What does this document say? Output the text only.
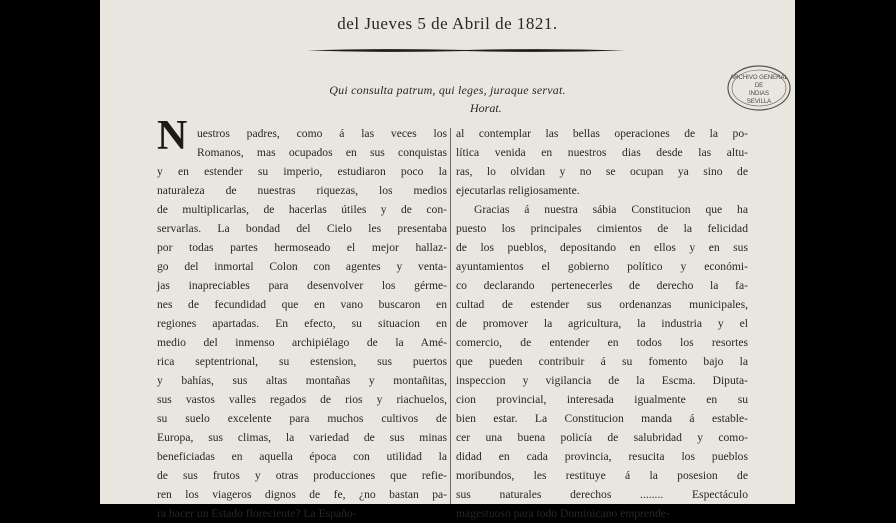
del Jueves 5 de Abril de 1821.
Qui consulta patrum, qui leges, juraque servat.
Horat.
ARCHIVO GENERAL
DE
INDIAS
SEVILLA
N uestros padres, como á las veces los
Romanos, mas ocupados en sus conquistas
y en estender su imperio, estudiaron poco la
naturaleza de nuestras riquezas, los medios
de multiplicarlas, de hacerlas útiles y de con-
servarlas. La bondad del Cielo les presentaba
por todas partes hermoseado el mejor hallaz-
go del inmortal Colon con agentes y venta-
jas inapreciables para desenvolver los gérme-
nes de fecundidad que en vano buscaron en
regiones apartadas. En efecto, su situacion en
medio del inmenso archipiélago de la Amé-
rica septentrional, su estension, sus puertos
y bahías, sus altas montañas y montañitas,
sus vastos valles regados de rios y riachuelos,
su suelo excelente para muchos cultivos de
Europa, sus climas, la variedad de sus minas
beneficiadas en aquella época con utilidad la
de sus frutos y otras producciones que refie-
ren los viageros dignos de fe, ¿no bastan pa-
ra hacer un Estado floreciente? La Españo-
al contemplar las bellas operaciones de la po-
lítica venida en nuestros dias desde las altu-
ras, lo olvidan y no se ocupan ya sino de
ejecutarlas religiosamente.
Gracias á nuestra sábia Constitucion que ha
puesto los principales cimientos de la felicidad
de los pueblos, depositando en ellos y en sus
ayuntamientos el gobierno político y económi-
co declarando pertenecerles de derecho la fa-
cultad de estender sus ordenanzas municipales,
de promover la agricultura, la industria y el
comercio, de entender en todos los resortes
que pueden contribuir á su fomento bajo la
inspeccion y vigilancia de la Escma. Diputa-
cion provincial, interesada igualmente en su
bien estar. La Constitucion manda á estable-
cer una buena policía de salubridad y como-
didad en cada provincia, resucita los pueblos
moribundos, les restituye á la posesion de
sus naturales derechos ........ Espectáculo
magestuoso para todo Dominicano emprende-
